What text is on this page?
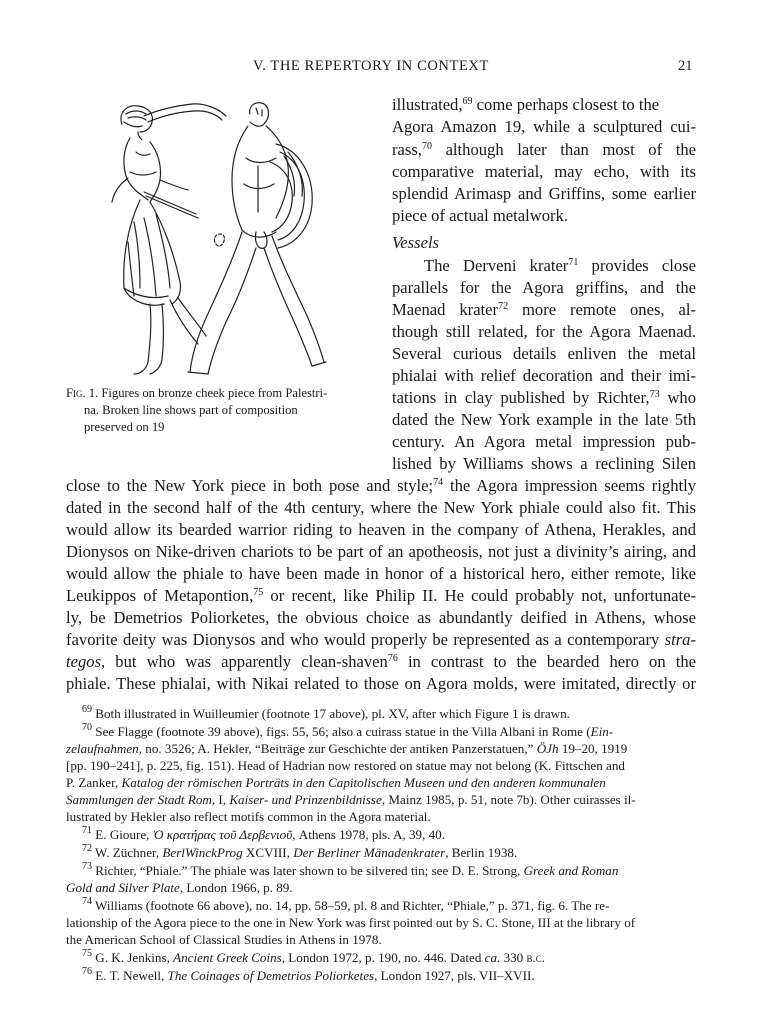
V. THE REPERTORY IN CONTEXT	21
Fig. 1. Figures on bronze cheek piece from Palestri-
na. Broken line shows part of composition
preserved on 19
illustrated,$^{69}$ come perhaps closest to the
Agora Amazon 19, while a sculptured cui-
rass,$^{70}$ although later than most of the
comparative material, may echo, with its
splendid Arimasp and Griffins, some earlier
piece of actual metalwork.
Vessels
The Derveni krater$^{71}$ provides close
parallels for the Agora griffins, and the
Maenad krater$^{72}$ more remote ones, al-
though still related, for the Agora Maenad.
Several curious details enliven the metal
phialai with relief decoration and their imi-
tations in clay published by Richter,$^{73}$ who
dated the New York example in the late 5th
century. An Agora metal impression pub-
lished by Williams shows a reclining Silen
close to the New York piece in both pose and style;$^{74}$ the Agora impression seems rightly
dated in the second half of the 4th century, where the New York phiale could also fit. This
would allow its bearded warrior riding to heaven in the company of Athena, Herakles, and
Dionysos on Nike-driven chariots to be part of an apotheosis, not just a divinity’s airing, and
would allow the phiale to have been made in honor of a historical hero, either remote, like
Leukippos of Metapontion,$^{75}$ or recent, like Philip II. He could probably not, unfortunate-
ly, be Demetrios Poliorketes, the obvious choice as abundantly deified in Athens, whose
favorite deity was Dionysos and who would properly be represented as a contemporary stra-
tegos, but who was apparently clean-shaven$^{76}$ in contrast to the bearded hero on the
phiale. These phialai, with Nikai related to those on Agora molds, were imitated, directly or
$^{69}$ Both illustrated in Wuilleumier (footnote 17 above), pl. XV, after which Figure 1 is drawn.
$^{70}$ See Flagge (footnote 39 above), figs. 55, 56; also a cuirass statue in the Villa Albani in Rome (Ein-
zelaufnahmen, no. 3526; A. Hekler, “Beiträge zur Geschichte der antiken Panzerstatuen,” ÖJh 19–20, 1919
[pp. 190–241], p. 225, fig. 151). Head of Hadrian now restored on statue may not belong (K. Fittschen and
P. Zanker, Katalog der römischen Porträts in den Capitolischen Museen und den anderen kommunalen
Sammlungen der Stadt Rom, I, Kaiser- und Prinzenbildnisse, Mainz 1985, p. 51, note 7b). Other cuirasses il-
lustrated by Hekler also reflect motifs common in the Agora material.
$^{71}$ E. Gioure, Ὁ κρατήρας τοῦ Δερβενιοῦ, Athens 1978, pls. A, 39, 40.
$^{72}$ W. Züchner, BerlWinckProg XCVIII, Der Berliner Mänadenkrater, Berlin 1938.
$^{73}$ Richter, “Phiale.” The phiale was later shown to be silvered tin; see D. E. Strong, Greek and Roman
Gold and Silver Plate, London 1966, p. 89.
$^{74}$ Williams (footnote 66 above), no. 14, pp. 58–59, pl. 8 and Richter, “Phiale,” p. 371, fig. 6. The re-
lationship of the Agora piece to the one in New York was first pointed out by S. C. Stone, III at the library of
the American School of Classical Studies in Athens in 1978.
$^{75}$ G. K. Jenkins, Ancient Greek Coins, London 1972, p. 190, no. 446. Dated ca. 330 b.c.
$^{76}$ E. T. Newell, The Coinages of Demetrios Poliorketes, London 1927, pls. VII–XVII.
